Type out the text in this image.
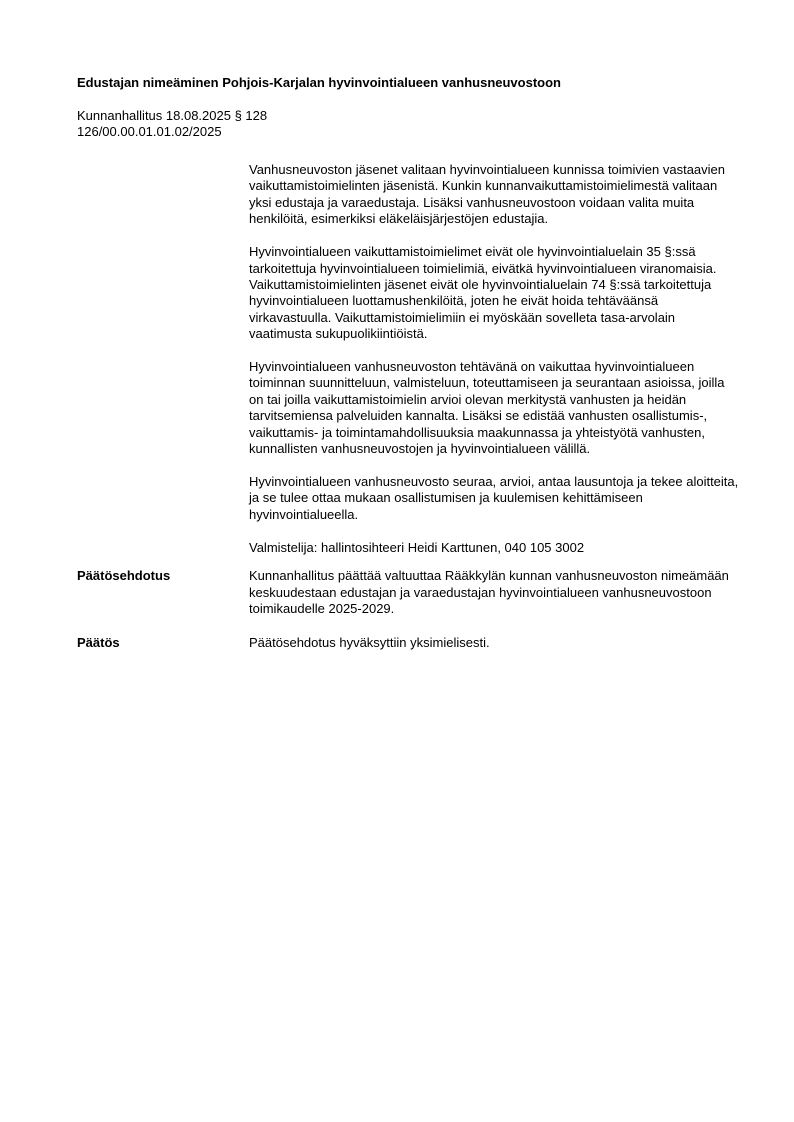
Edustajan nimeäminen Pohjois-Karjalan hyvinvointialueen vanhusneuvostoon
Kunnanhallitus 18.08.2025 § 128
126/00.00.01.01.02/2025

Vanhusneuvoston jäsenet valitaan hyvinvointialueen kunnissa toimivien vastaavien vaikuttamistoimielinten jäsenistä. Kunkin kunnanvaikuttamistoimielimestä valitaan yksi edustaja ja varaedustaja. Lisäksi vanhusneuvostoon voidaan valita muita henkilöitä, esimerkiksi eläkeläisjärjestöjen edustajia.

Hyvinvointialueen vaikuttamistoimielimet eivät ole hyvinvointialuelain 35 §:ssä tarkoitettuja hyvinvointialueen toimielimiä, eivätkä hyvinvointialueen viranomaisia. Vaikuttamistoimielinten jäsenet eivät ole hyvinvointialuelain 74 §:ssä tarkoitettuja hyvinvointialueen luottamushenkilöitä, joten he eivät hoida tehtäväänsä virkavastuulla. Vaikuttamistoimielimiin ei myöskään sovelleta tasa-arvolain vaatimusta sukupuolikiintiöistä.

Hyvinvointialueen vanhusneuvoston tehtävänä on vaikuttaa hyvinvointialueen toiminnan suunnitteluun, valmisteluun, toteuttamiseen ja seurantaan asioissa, joilla on tai joilla vaikuttamistoimielin arvioi olevan merkitystä vanhusten ja heidän tarvitsemiensa palveluiden kannalta. Lisäksi se edistää vanhusten osallistumis-, vaikuttamis- ja toimintamahdollisuuksia maakunnassa ja yhteistyötä vanhusten, kunnallisten vanhusneuvostojen ja hyvinvointialueen välillä.

Hyvinvointialueen vanhusneuvosto seuraa, arvioi, antaa lausuntoja ja tekee aloitteita, ja se tulee ottaa mukaan osallistumisen ja kuulemisen kehittämiseen hyvinvointialueella.

Valmistelija: hallintosihteeri Heidi Karttunen, 040 105 3002

Päätösehdotus	Kunnanhallitus päättää valtuuttaa Rääkkylän kunnan vanhusneuvoston nimeämään keskuudestaan edustajan ja varaedustajan hyvinvointialueen vanhusneuvostoon toimikaudelle 2025-2029.
Päätös	Päätösehdotus hyväksyttiin yksimielisesti.
